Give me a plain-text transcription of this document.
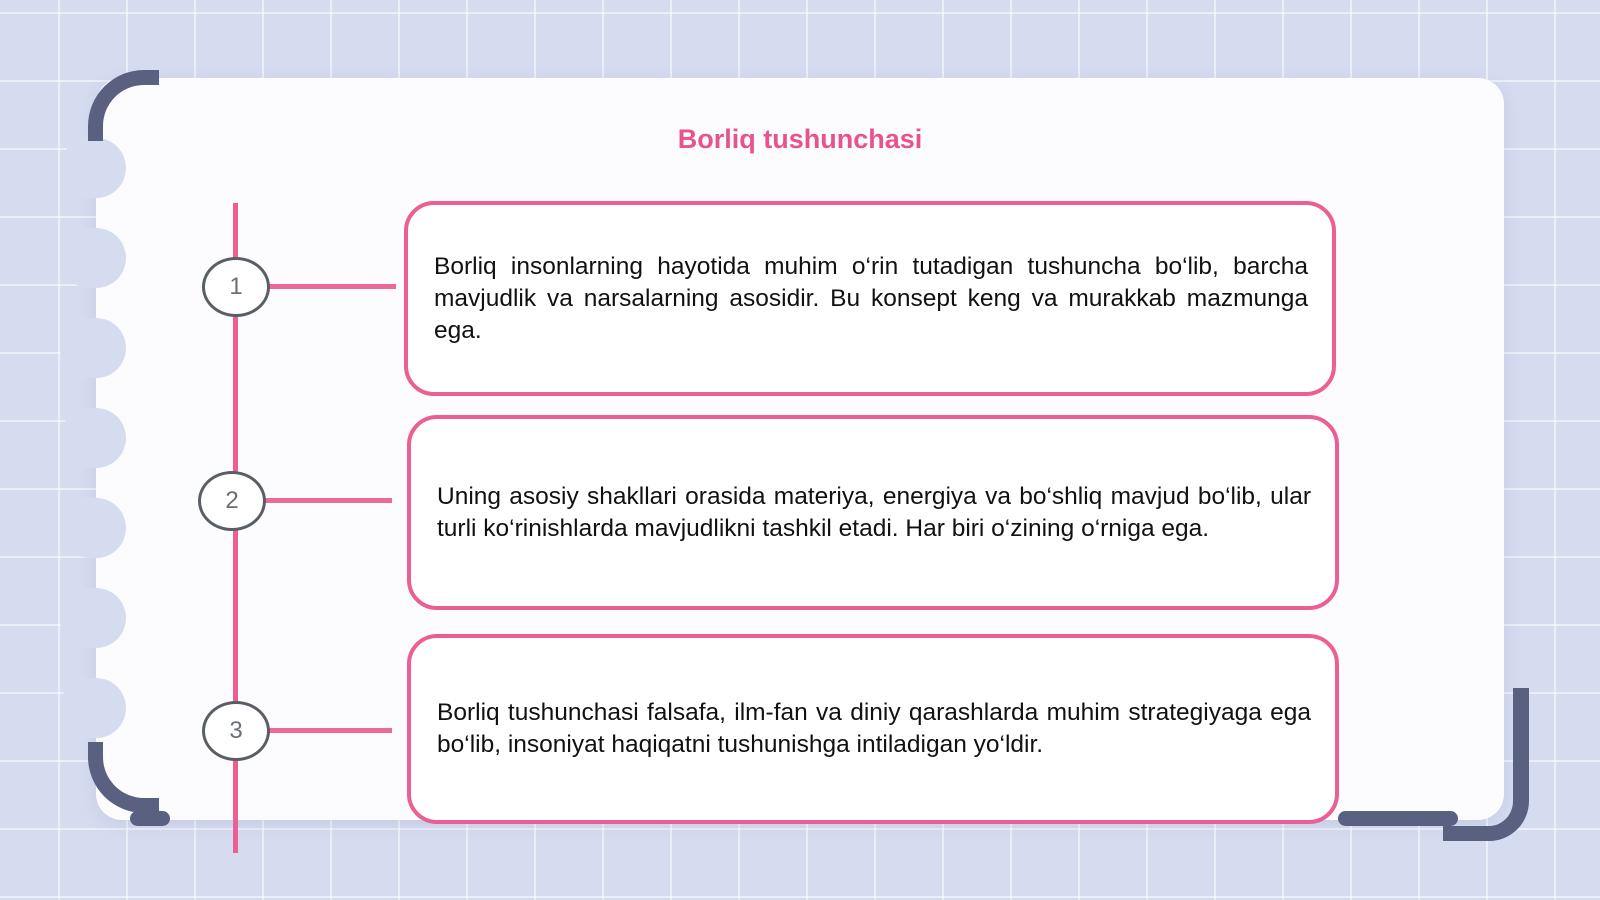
Borliq tushunchasi
1

Borliq insonlarning hayotida muhim o‘rin tutadigan tushuncha bo‘lib, barcha mavjudlik va narsalarning asosidir. Bu konsept keng va murakkab mazmunga ega.

2	Uning asosiy shakllari orasida materiya, energiya va bo‘shliq mavjud bo‘lib, ular turli ko‘rinishlarda mavjudlikni tashkil etadi. Har biri o‘zining o‘rniga ega.

3

Borliq tushunchasi falsafa, ilm-fan va diniy qarashlarda muhim strategiyaga ega bo‘lib, insoniyat haqiqatni tushunishga intiladigan yo‘ldir.
